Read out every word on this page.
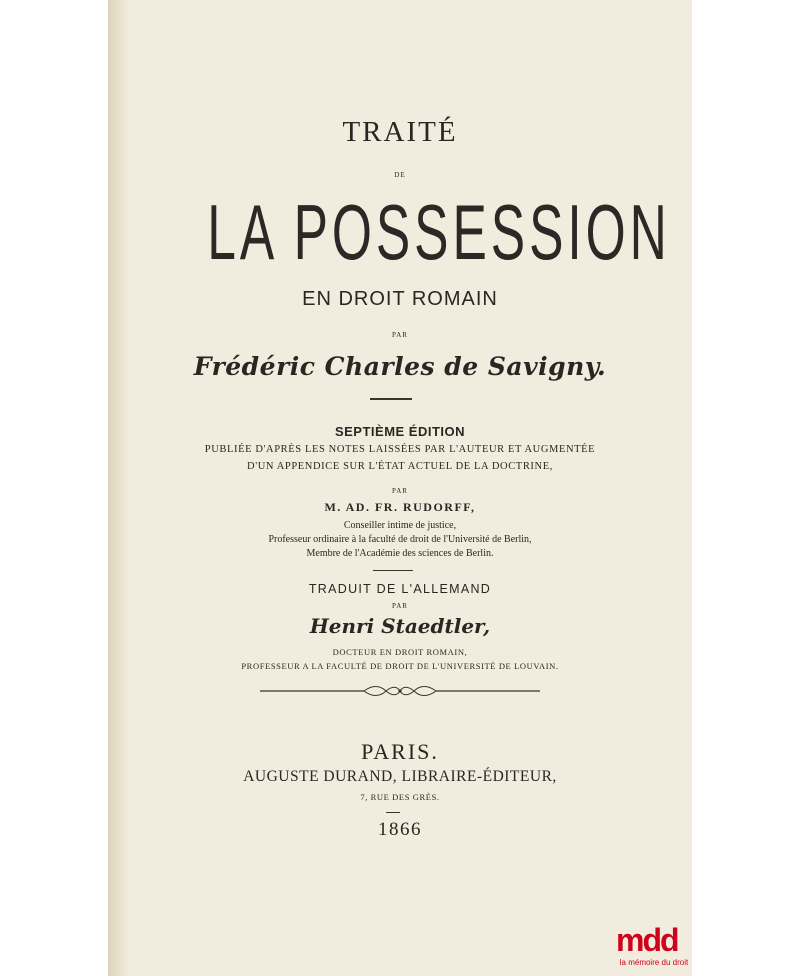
TRAITÉ
DE
LA POSSESSION
EN DROIT ROMAIN
PAR
Frédéric Charles de Savigny.
SEPTIÈME ÉDITION
PUBLIÉE D'APRÈS LES NOTES LAISSÉES PAR L'AUTEUR ET AUGMENTÉE
D'UN APPENDICE SUR L'ÉTAT ACTUEL DE LA DOCTRINE,
PAR
M. AD. FR. RUDORFF,
Conseiller intime de justice,
Professeur ordinaire à la faculté de droit de l'Université de Berlin,
Membre de l'Académie des sciences de Berlin.
TRADUIT DE L'ALLEMAND
PAR
Henri Staedtler,
DOCTEUR EN DROIT ROMAIN,
PROFESSEUR A LA FACULTÉ DE DROIT DE L'UNIVERSITÉ DE LOUVAIN.
PARIS.
AUGUSTE DURAND, LIBRAIRE-ÉDITEUR,
7, RUE DES GRÈS.
1866
mdd
la mémoire du droit
